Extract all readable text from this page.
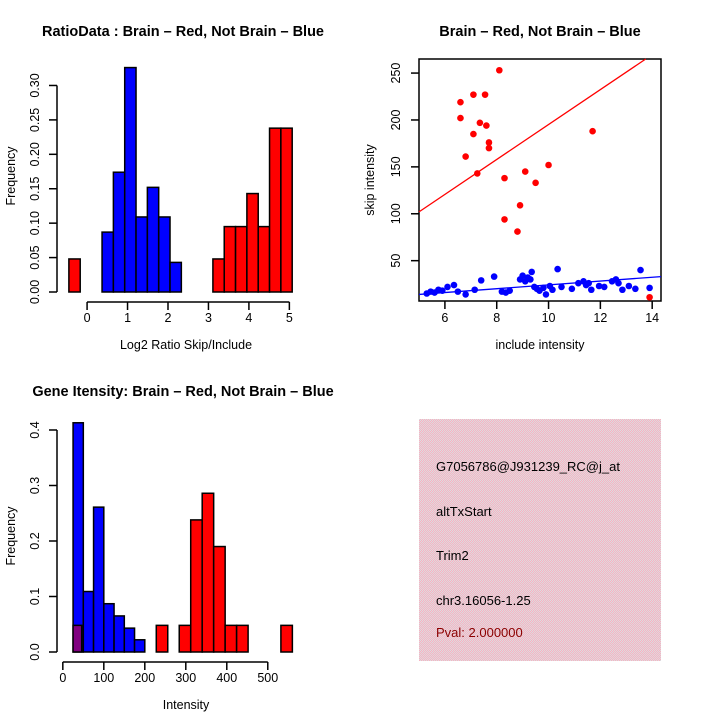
0.00
0.05
0.10
0.15
0.20
0.25
0.30
0	1	2	3	4	5
RatioData : Brain – Red, Not Brain – Blue
Log2 Ratio Skip/Include
Frequency
6	8	10	12	14
50
100
150
200
250
Brain – Red, Not Brain – Blue
include intensity
skip intensity
0.0
0.1
0.2
0.3
0.4
0 100 200 300 400 500
Gene Itensity: Brain – Red, Not Brain – Blue
Intensity
Frequency
G7056786@J931239_RC@j_at
altTxStart
Trim2
chr3.16056-1.25
Pval: 2.000000
